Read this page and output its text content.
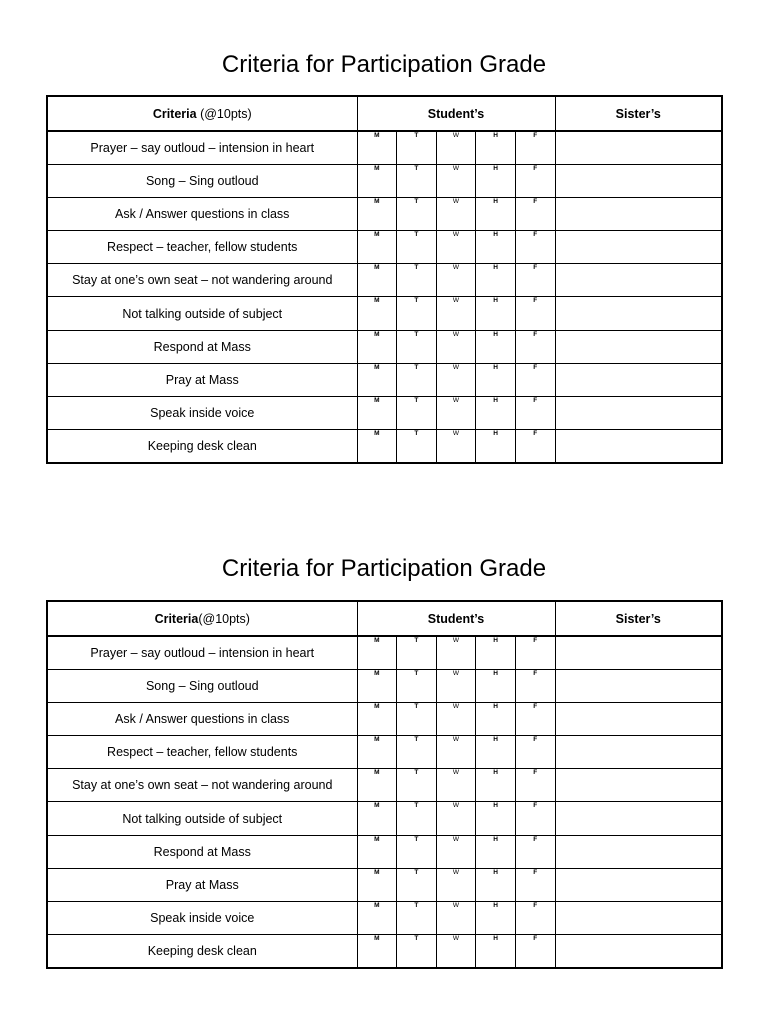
Criteria for Participation Grade
Criteria (@10pts)	Student’s					Sister’s
Prayer – say outloud – intension in heart	M	T	W	H	F	
Song – Sing outloud	M	T	W	H	F	
Ask / Answer questions in class	M	T	W	H	F	
Respect – teacher, fellow students	M	T	W	H	F	
Stay at one’s own seat – not wandering around	M	T	W	H	F	
Not talking outside of subject	M	T	W	H	F	
Respond at Mass	M	T	W	H	F	
Pray at Mass	M	T	W	H	F	
Speak inside voice	M	T	W	H	F	
Keeping desk clean	M	T	W	H	F	
Criteria for Participation Grade
Criteria(@10pts)	Student’s					Sister’s
Prayer – say outloud – intension in heart	M	T	W	H	F	
Song – Sing outloud	M	T	W	H	F	
Ask / Answer questions in class	M	T	W	H	F	
Respect – teacher, fellow students	M	T	W	H	F	
Stay at one’s own seat – not wandering around	M	T	W	H	F	
Not talking outside of subject	M	T	W	H	F	
Respond at Mass	M	T	W	H	F	
Pray at Mass	M	T	W	H	F	
Speak inside voice	M	T	W	H	F	
Keeping desk clean	M	T	W	H	F	
